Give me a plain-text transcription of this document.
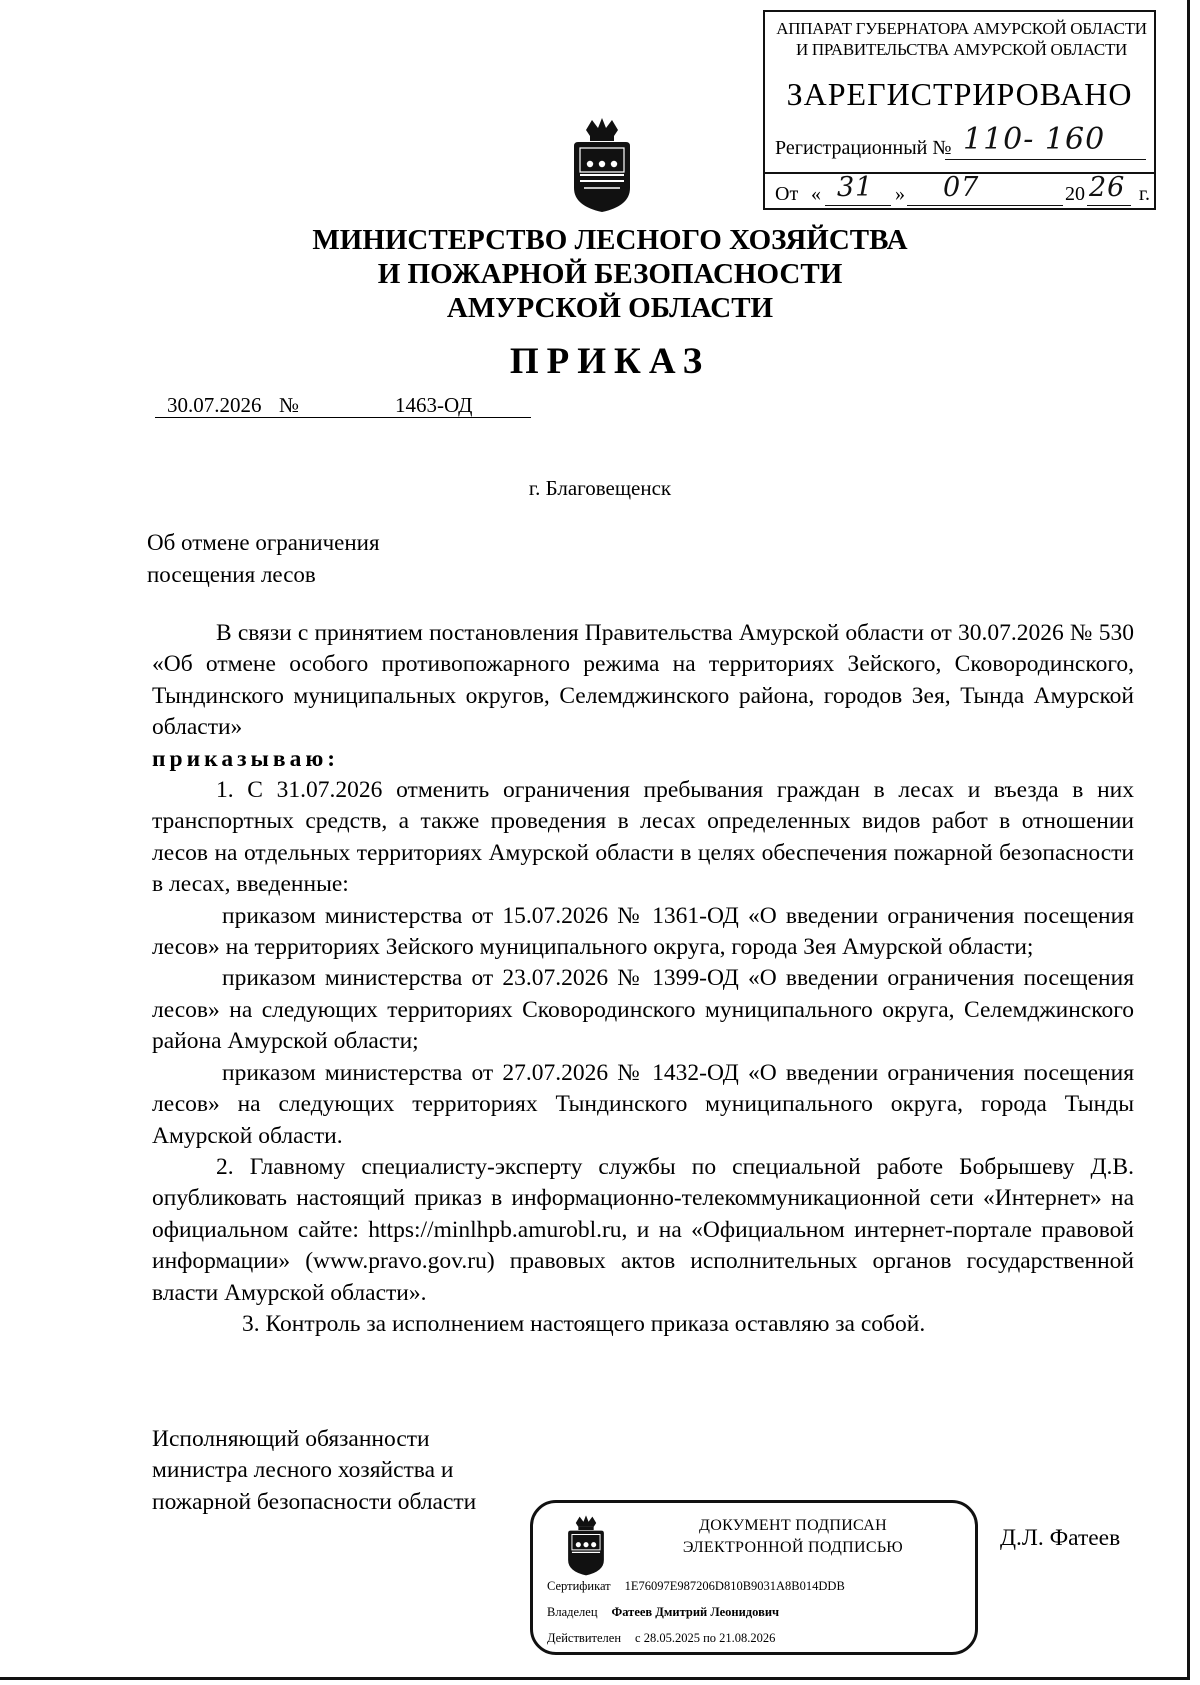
АППАРАТ ГУБЕРНАТОРА АМУРСКОЙ ОБЛАСТИ
И ПРАВИТЕЛЬСТВА АМУРСКОЙ ОБЛАСТИ
ЗАРЕГИСТРИРОВАНО
Регистрационный № 110- 160
От « 31 » 07	20 26 г.
МИНИСТЕРСТВО ЛЕСНОГО ХОЗЯЙСТВА
И ПОЖАРНОЙ БЕЗОПАСНОСТИ
АМУРСКОЙ ОБЛАСТИ
ПРИКАЗ
30.07.2026 №	1463-ОД
г. Благовещенск
Об отмене ограничения
посещения лесов

В связи с принятием постановления Правительства Амурской области от 30.07.2026 № 530 «Об отмене особого противопожарного режима на территориях Зейского, Сковородинского, Тындинского муниципальных округов, Селемджинского района, городов Зея, Тында Амурской области»

приказываю:

1. С 31.07.2026 отменить ограничения пребывания граждан в лесах и въезда в них транспортных средств, а также проведения в лесах определенных видов работ в отношении лесов на отдельных территориях Амурской области в целях обеспечения пожарной безопасности в лесах, введенные:

приказом министерства от 15.07.2026 № 1361-ОД «О введении ограничения посещения лесов» на территориях Зейского муниципального округа, города Зея Амурской области;

приказом министерства от 23.07.2026 № 1399-ОД «О введении ограничения посещения лесов» на следующих территориях Сковородинского муниципального округа, Селемджинского района Амурской области;

приказом министерства от 27.07.2026 № 1432-ОД «О введении ограничения посещения лесов» на следующих территориях Тындинского муниципального округа, города Тынды Амурской области.

2. Главному специалисту-эксперту службы по специальной работе Бобрышеву Д.В. опубликовать настоящий приказ в информационно-телекоммуникационной сети «Интернет» на официальном сайте: https://minlhpb.amurobl.ru, и на «Официальном интернет-портале правовой информации» (www.pravo.gov.ru) правовых актов исполнительных органов государственной власти Амурской области».

3. Контроль за исполнением настоящего приказа оставляю за собой.

Исполняющий обязанности
министра лесного хозяйства и
пожарной безопасности области
ДОКУМЕНТ ПОДПИСАН
ЭЛЕКТРОННОЙ ПОДПИСЬЮ
Сертификат 1E76097E987206D810B9031A8B014DDB
Владелец Фатеев Дмитрий Леонидович
Действителен с 28.05.2025 по 21.08.2026
Д.Л. Фатеев
